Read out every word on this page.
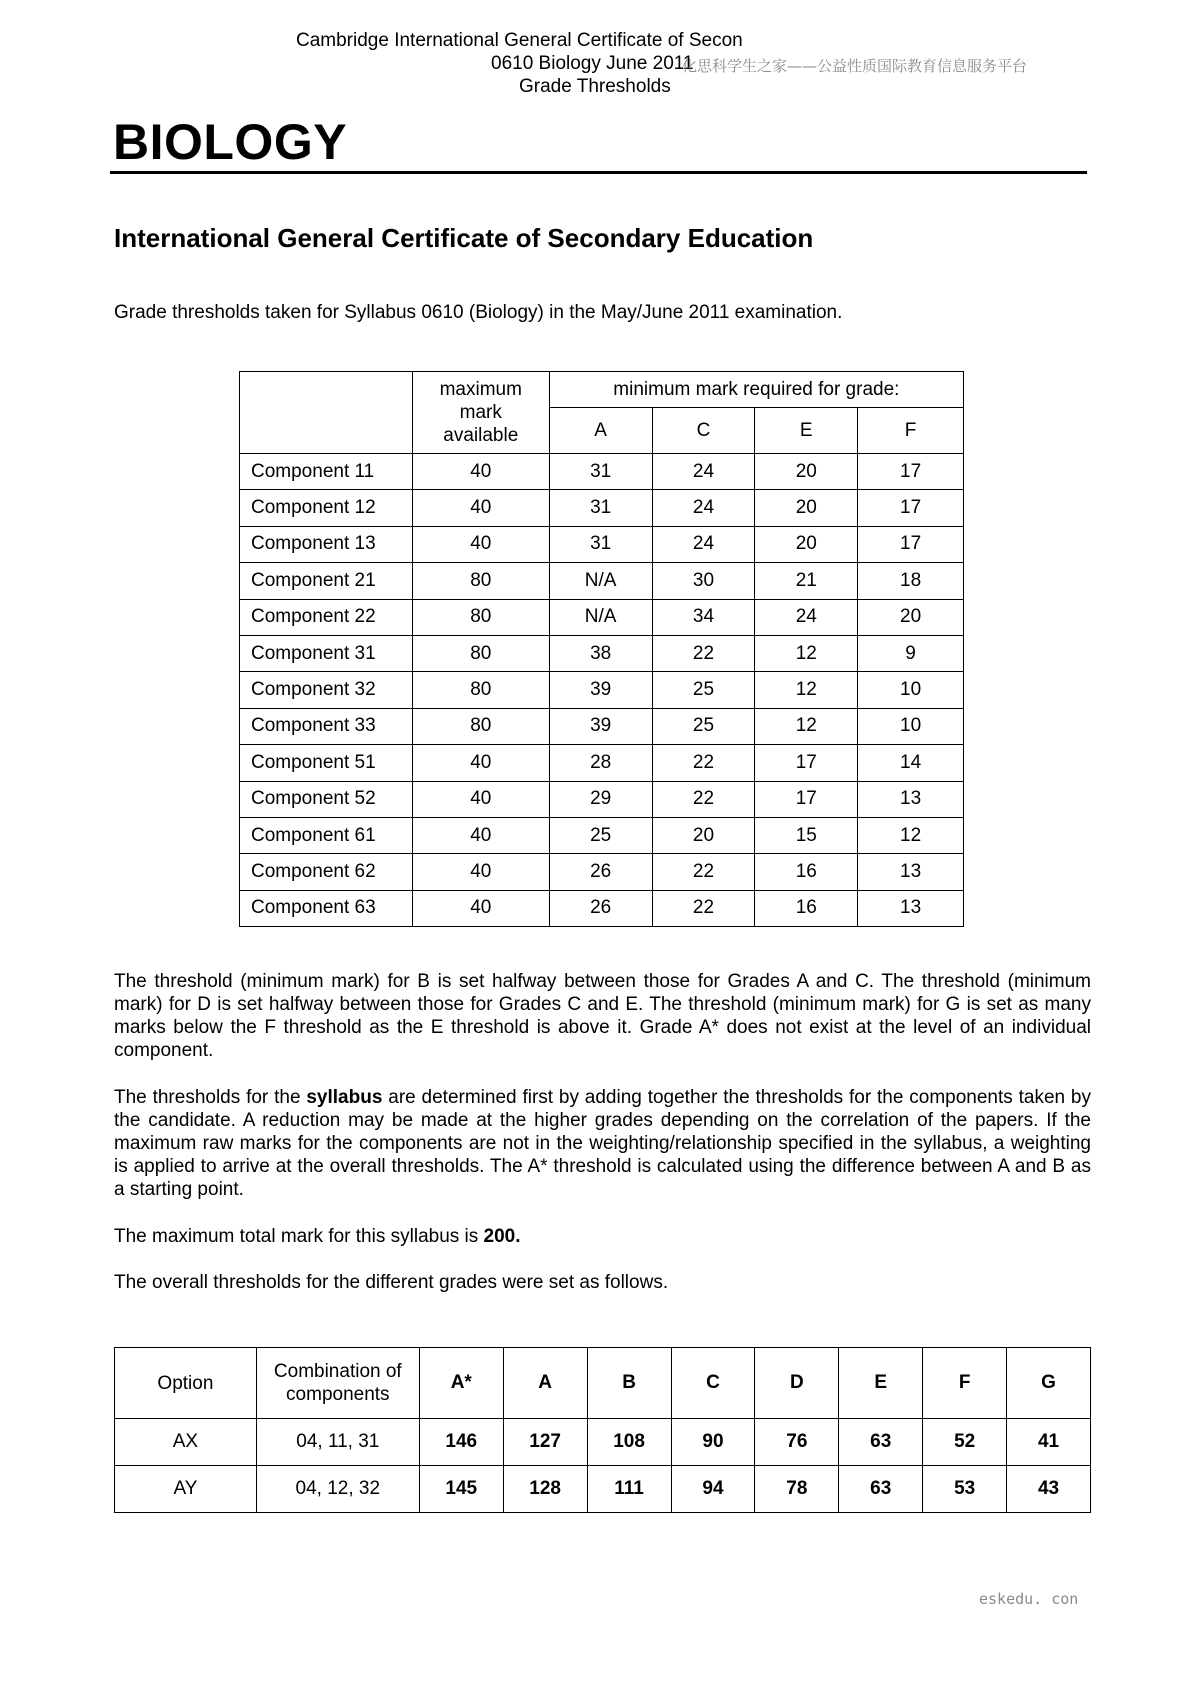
Cambridge International General Certificate of Secon
0610 Biology June 2011
化思科学生之家——公益性质国际教育信息服务平台
Grade Thresholds
BIOLOGY
International General Certificate of Secondary Education
Grade thresholds taken for Syllabus 0610 (Biology) in the May/June 2011 examination.
	maximum mark available	minimum mark required for grade:			
		A	C	E	F
Component 11	40	31	24	20	17
Component 12	40	31	24	20	17
Component 13	40	31	24	20	17
Component 21	80	N/A	30	21	18
Component 22	80	N/A	34	24	20
Component 31	80	38	22	12	9
Component 32	80	39	25	12	10
Component 33	80	39	25	12	10
Component 51	40	28	22	17	14
Component 52	40	29	22	17	13
Component 61	40	25	20	15	12
Component 62	40	26	22	16	13
Component 63	40	26	22	16	13
The threshold (minimum mark) for B is set halfway between those for Grades A and C. The threshold (minimum mark) for D is set halfway between those for Grades C and E. The threshold (minimum mark) for G is set as many marks below the F threshold as the E threshold is above it. Grade A* does not exist at the level of an individual component.
The thresholds for the syllabus are determined first by adding together the thresholds for the components taken by the candidate. A reduction may be made at the higher grades depending on the correlation of the papers. If the maximum raw marks for the components are not in the weighting/relationship specified in the syllabus, a weighting is applied to arrive at the overall thresholds. The A* threshold is calculated using the difference between A and B as a starting point.
The maximum total mark for this syllabus is 200.
The overall thresholds for the different grades were set as follows.
Option	Combination of components	A*	A	B	C	D	E	F	G
AX	04, 11, 31	146	127	108	90	76	63	52	41
AY	04, 12, 32	145	128	111	94	78	63	53	43
eskedu. con
